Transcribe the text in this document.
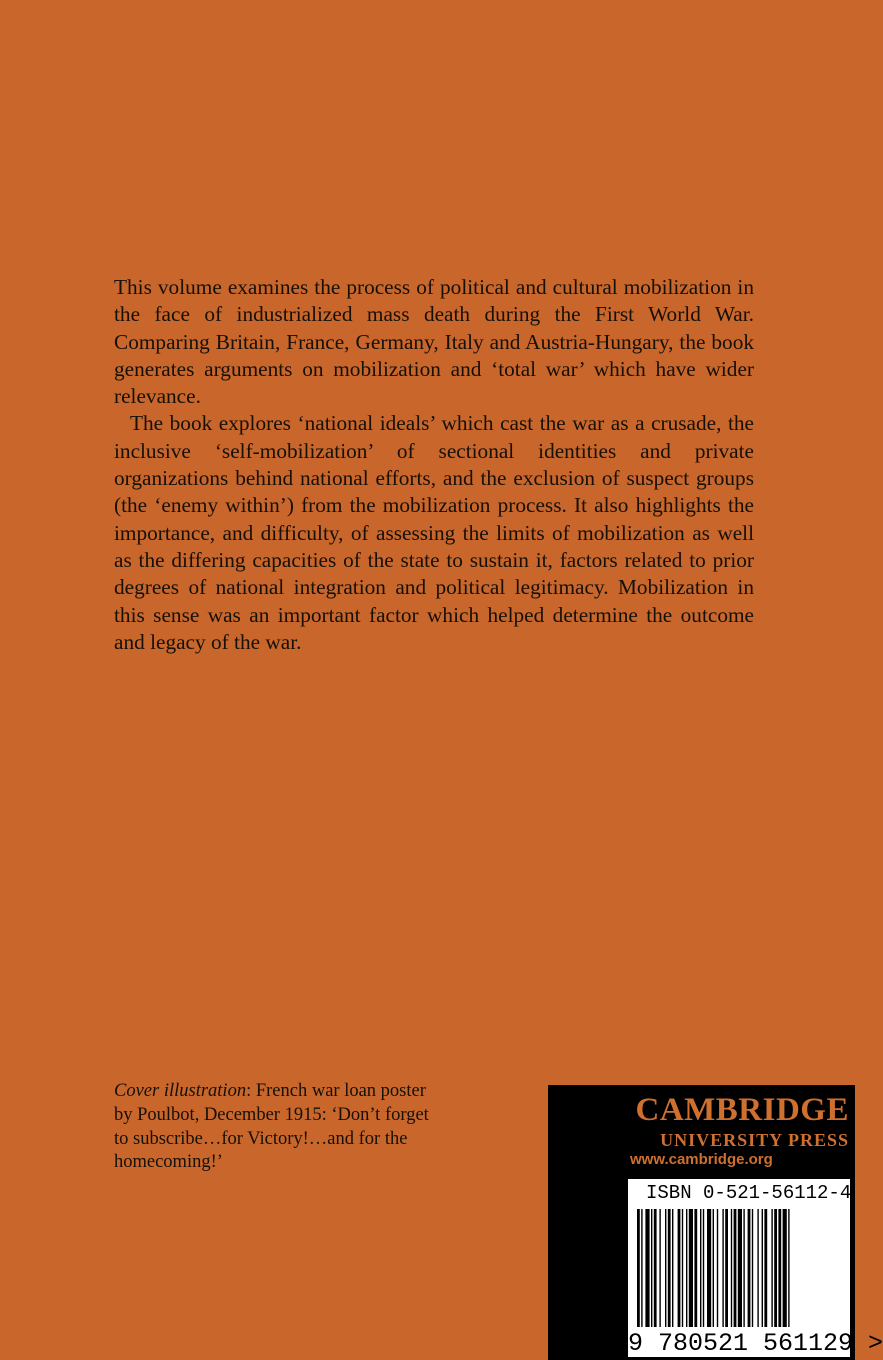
This volume examines the process of political and cultural mobilization in the face of industrialized mass death during the First World War. Comparing Britain, France, Germany, Italy and Austria-Hungary, the book generates arguments on mobilization and ‘total war’ which have wider relevance.

The book explores ‘national ideals’ which cast the war as a crusade, the inclusive ‘self-mobilization’ of sectional identities and private organizations behind national efforts, and the exclusion of suspect groups (the ‘enemy within’) from the mobilization process. It also highlights the importance, and difficulty, of assessing the limits of mobilization as well as the differing capacities of the state to sustain it, factors related to prior degrees of national integration and political legitimacy. Mobilization in this sense was an important factor which helped determine the outcome and legacy of the war.

Cover illustration: French war loan poster by Poulbot, December 1915: ‘Don’t forget to subscribe…for Victory!…and for the homecoming!’
CAMBRIDGE
UNIVERSITY PRESS
www.cambridge.org
ISBN 0-521-56112-4
9 780521 561129 >
